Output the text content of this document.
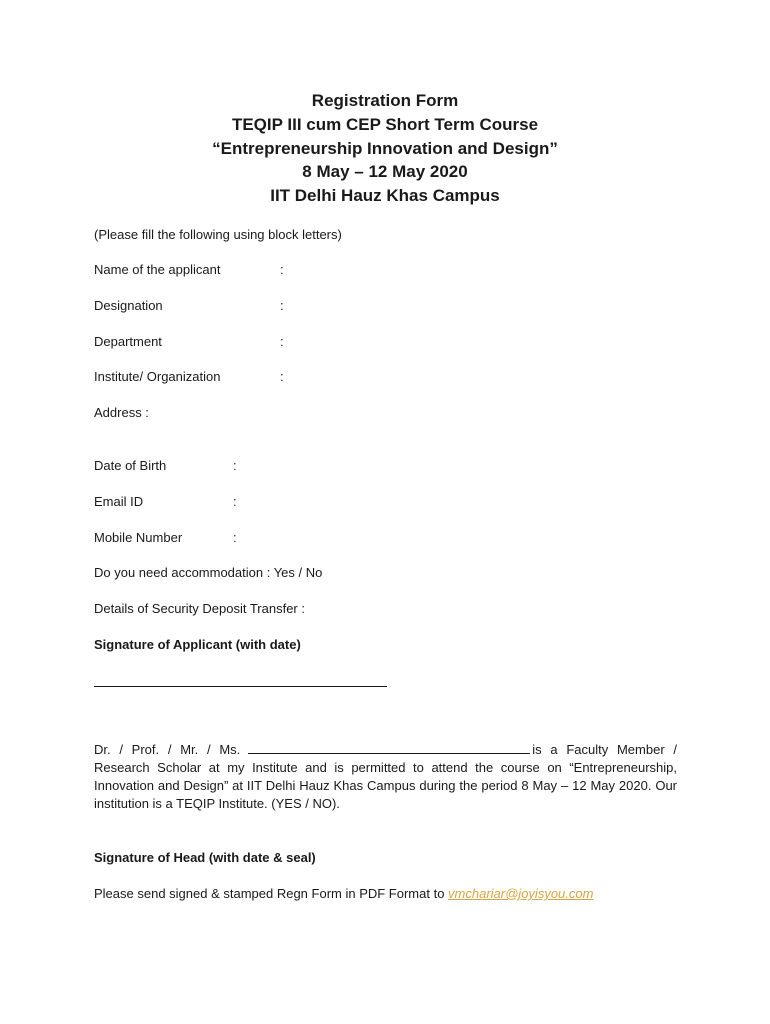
Registration Form
TEQIP III cum CEP Short Term Course
“Entrepreneurship Innovation and Design”
8 May – 12 May 2020
IIT Delhi Hauz Khas Campus
(Please fill the following using block letters)
Name of the applicant	:
Designation	:
Department	:
Institute/ Organization	:
Address :
Date of Birth	:
Email ID	:
Mobile Number	:
Do you need accommodation : Yes / No
Details of Security Deposit Transfer :
Signature of Applicant (with date)
Dr. / Prof. / Mr. / Ms.	is a Faculty Member / Research Scholar at my Institute and is permitted to attend the course on “Entrepreneurship, Innovation and Design” at IIT Delhi Hauz Khas Campus during the period 8 May – 12 May 2020. Our institution is a TEQIP Institute. (YES / NO).
Signature of Head (with date & seal)
Please send signed & stamped Regn Form in PDF Format to vmchariar@joyisyou.com
